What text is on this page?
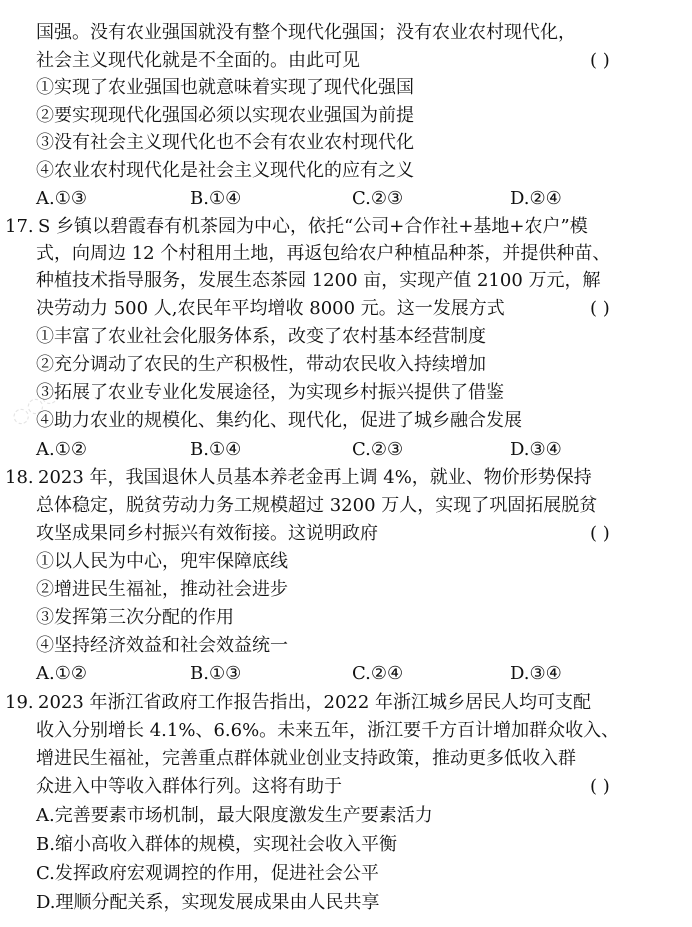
◌◌◌
国强。没有农业强国就没有整个现代化强国；没有农业农村现代化，
社会主义现代化就是不全面的。由此可见	( )
①实现了农业强国也就意味着实现了现代化强国
②要实现现代化强国必须以实现农业强国为前提
③没有社会主义现代化也不会有农业农村现代化
④农业农村现代化是社会主义现代化的应有之义
A.①③	B.①④	C.②③	D.②④
17. S 乡镇以碧霞春有机茶园为中心，依托“公司+合作社+基地+农户”模
式，向周边 12 个村租用土地，再返包给农户种植品种茶，并提供种苗、
种植技术指导服务，发展生态茶园 1200 亩，实现产值 2100 万元，解
决劳动力 500 人,农民年平均增收 8000 元。这一发展方式	( )
①丰富了农业社会化服务体系，改变了农村基本经营制度
②充分调动了农民的生产积极性，带动农民收入持续增加
③拓展了农业专业化发展途径，为实现乡村振兴提供了借鉴
④助力农业的规模化、集约化、现代化，促进了城乡融合发展
A.①②	B.①④	C.②③	D.③④
18. 2023 年，我国退休人员基本养老金再上调 4%，就业、物价形势保持
总体稳定，脱贫劳动力务工规模超过 3200 万人，实现了巩固拓展脱贫
攻坚成果同乡村振兴有效衔接。这说明政府	( )
①以人民为中心，兜牢保障底线
②增进民生福祉，推动社会进步
③发挥第三次分配的作用
④坚持经济效益和社会效益统一
A.①②	B.①③	C.②④	D.③④
19. 2023 年浙江省政府工作报告指出，2022 年浙江城乡居民人均可支配
收入分别增长 4.1%、6.6%。未来五年，浙江要千方百计增加群众收入、
增进民生福祉，完善重点群体就业创业支持政策，推动更多低收入群
众进入中等收入群体行列。这将有助于	( )
A.完善要素市场机制，最大限度激发生产要素活力
B.缩小高收入群体的规模，实现社会收入平衡
C.发挥政府宏观调控的作用，促进社会公平
D.理顺分配关系，实现发展成果由人民共享
